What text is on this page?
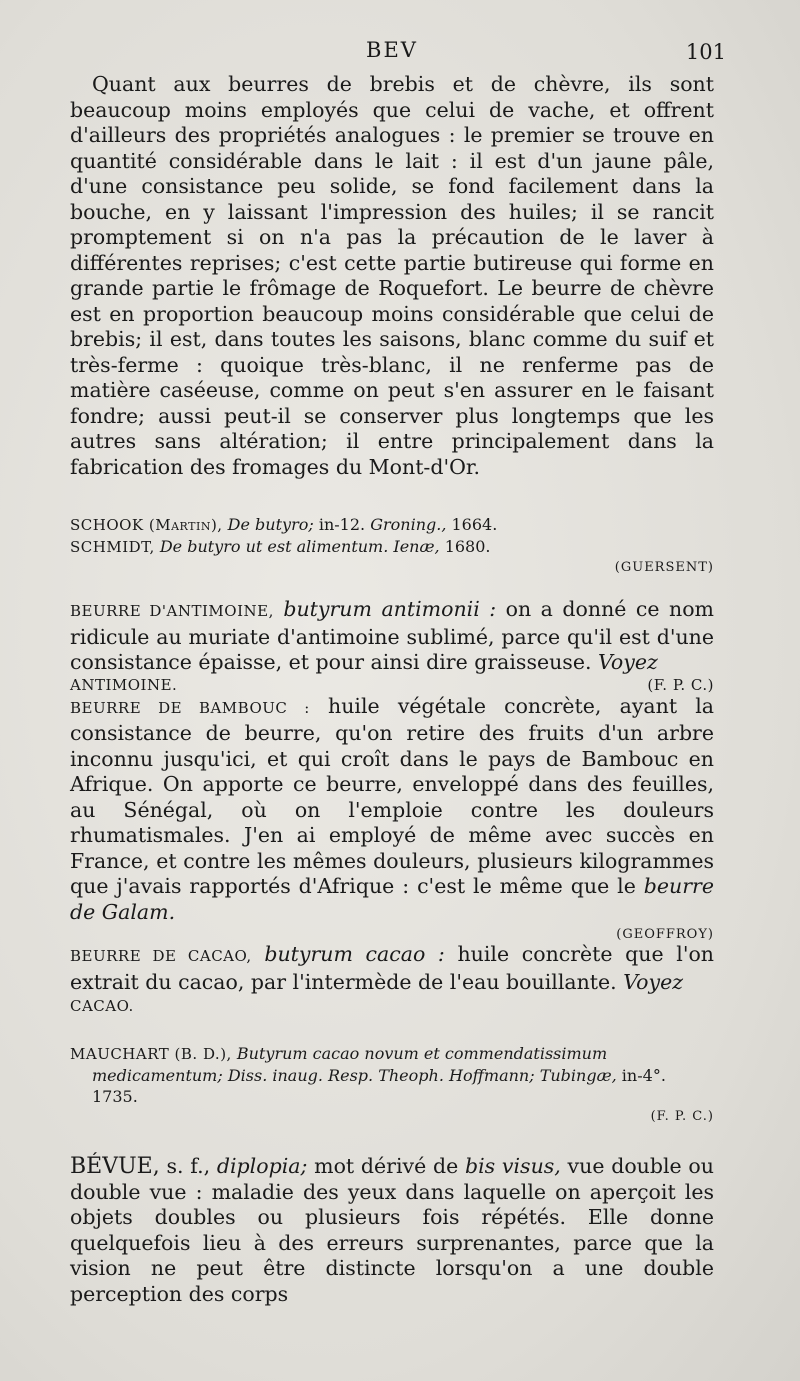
BEV	101

Quant aux beurres de brebis et de chèvre, ils sont beaucoup moins employés que celui de vache, et offrent d'ailleurs des propriétés analogues : le premier se trouve en quantité considérable dans le lait : il est d'un jaune pâle, d'une consistance peu solide, se fond facilement dans la bouche, en y laissant l'impression des huiles; il se rancit promptement si on n'a pas la précaution de le laver à différentes reprises; c'est cette partie butireuse qui forme en grande partie le frômage de Roquefort. Le beurre de chèvre est en proportion beaucoup moins considérable que celui de brebis; il est, dans toutes les saisons, blanc comme du suif et très-ferme : quoique très-blanc, il ne renferme pas de matière caséeuse, comme on peut s'en assurer en le faisant fondre; aussi peut-il se conserver plus longtemps que les autres sans altération; il entre principalement dans la fabrication des fromages du Mont-d'Or.

SCHOOK (Martin), De butyro; in-12. Groning., 1664.

SCHMIDT, De butyro ut est alimentum. Ienæ, 1680.

(GUERSENT)

BEURRE D'ANTIMOINE, butyrum antimonii : on a donné ce nom ridicule au muriate d'antimoine sublimé, parce qu'il est d'une consistance épaisse, et pour ainsi dire graisseuse. Voyez

ANTIMOINE.	(F. P. C.)

BEURRE DE BAMBOUC : huile végétale concrète, ayant la consistance de beurre, qu'on retire des fruits d'un arbre inconnu jusqu'ici, et qui croît dans le pays de Bambouc en Afrique. On apporte ce beurre, enveloppé dans des feuilles, au Sénégal, où on l'emploie contre les douleurs rhumatismales. J'en ai employé de même avec succès en France, et contre les mêmes douleurs, plusieurs kilogrammes que j'avais rapportés d'Afrique : c'est le même que le beurre de Galam.

(GEOFFROY)

BEURRE DE CACAO, butyrum cacao : huile concrète que l'on extrait du cacao, par l'intermède de l'eau bouillante. Voyez

CACAO.

MAUCHART (B. D.), Butyrum cacao novum et commendatissimum medicamentum; Diss. inaug. Resp. Theoph. Hoffmann; Tubingæ, in-4°. 1735.

(F. P. C.)

BÉVUE, s. f., diplopia; mot dérivé de bis visus, vue double ou double vue : maladie des yeux dans laquelle on aperçoit les objets doubles ou plusieurs fois répétés. Elle donne quelquefois lieu à des erreurs surprenantes, parce que la vision ne peut être distincte lorsqu'on a une double perception des corps
